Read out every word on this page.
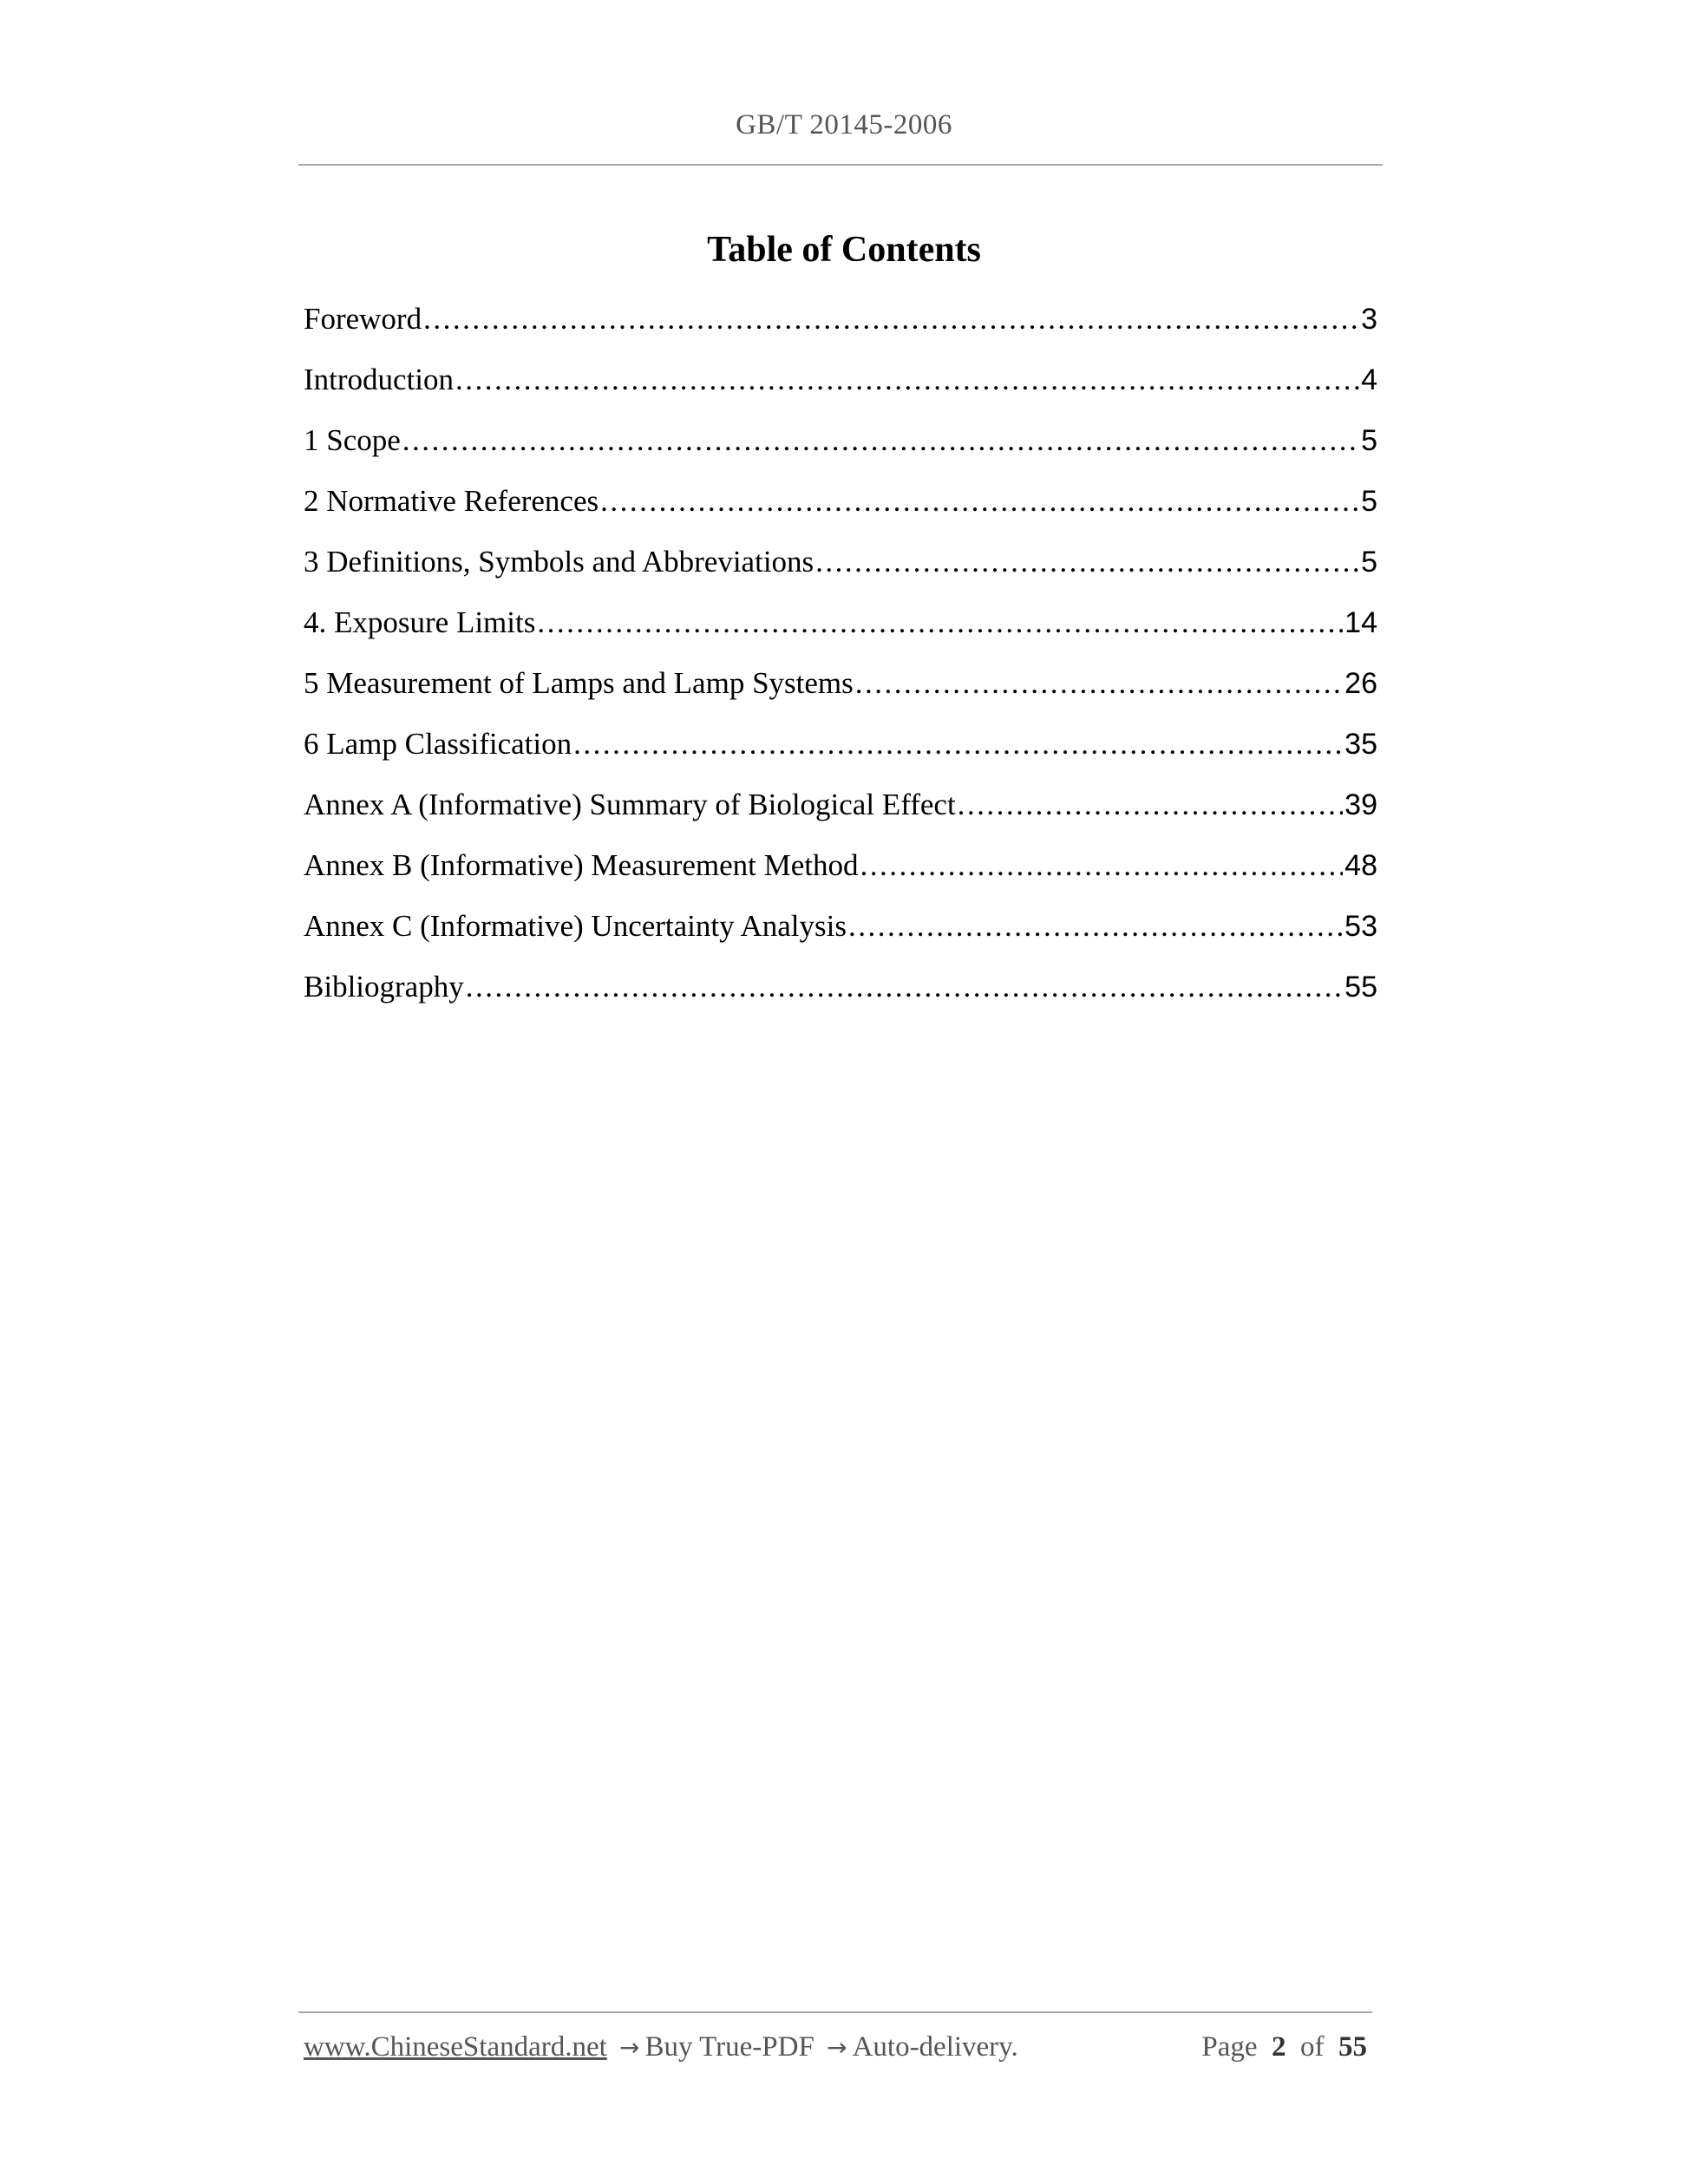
GB/T 20145-2006
Table of Contents
Foreword .....	3
Introduction .....	4
1 Scope .....	5
2 Normative References .....	5
3 Definitions, Symbols and Abbreviations .....	5
4. Exposure Limits .....	14
5 Measurement of Lamps and Lamp Systems .....	26
6 Lamp Classification .....	35
Annex A (Informative) Summary of Biological Effect .....	39
Annex B (Informative) Measurement Method .....	48
Annex C (Informative) Uncertainty Analysis .....	53
Bibliography .....	55
www.ChineseStandard.net → Buy True-PDF → Auto-delivery.	Page 2 of 55
